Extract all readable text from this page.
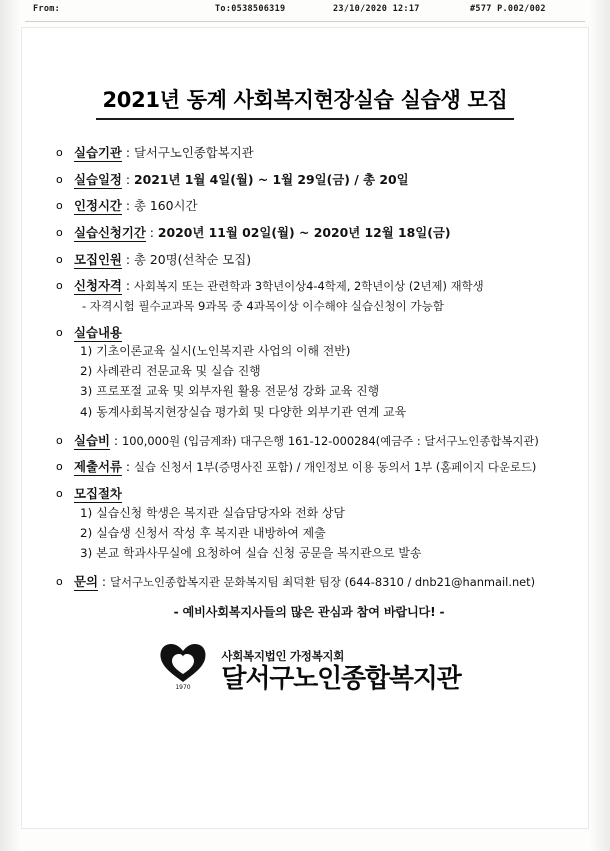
From:	To:0538506319	23/10/2020 12:17	#577 P.002/002
2021년 동계 사회복지현장실습 실습생 모집
o 실습기관 : 달서구노인종합복지관
o 실습일정 : 2021년 1월 4일(월) ~ 1월 29일(금) / 총 20일
o 인정시간 : 총 160시간
o 실습신청기간 : 2020년 11월 02일(월) ~ 2020년 12월 18일(금)
o 모집인원 : 총 20명(선착순 모집)
o 신청자격 : 사회복지 또는 관련학과 3학년이상4-4학제, 2학년이상 (2년제) 재학생
- 자격시험 필수교과목 9과목 중 4과목이상 이수해야 실습신청이 가능함
o 실습내용
1) 기초이론교육 실시(노인복지관 사업의 이해 전반)
2) 사례관리 전문교육 및 실습 진행
3) 프로포절 교육 및 외부자원 활용 전문성 강화 교육 진행
4) 동계사회복지현장실습 평가회 및 다양한 외부기관 연계 교육
o 실습비 : 100,000원 (입금계좌) 대구은행 161-12-000284(예금주 : 달서구노인종합복지관)
o 제출서류 : 실습 신청서 1부(증명사진 포함) / 개인정보 이용 동의서 1부 (홈페이지 다운로드)
o 모집절차
1) 실습신청 학생은 복지관 실습담당자와 전화 상담
2) 실습생 신청서 작성 후 복지관 내방하여 제출
3) 본교 학과사무실에 요청하여 실습 신청 공문을 복지관으로 발송
o 문의 : 달서구노인종합복지관 문화복지팀 최덕환 팀장 (644-8310 / dnb21@hanmail.net)
- 예비사회복지사들의 많은 관심과 참여 바랍니다! -
1970
사회복지법인 가정복지회
달서구노인종합복지관
